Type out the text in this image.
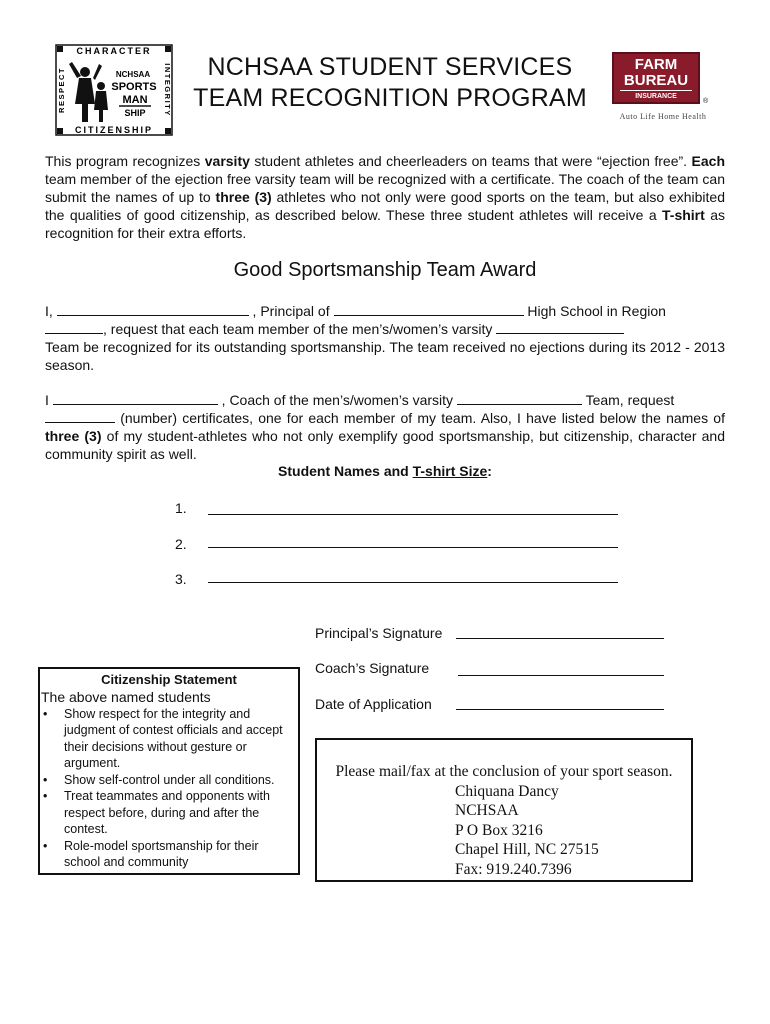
CHARACTER
CITIZENSHIP
RESPECT	INTEGRITY
NCHSAA
SPORTS
MAN
SHIP
NCHSAA STUDENT SERVICES
TEAM RECOGNITION PROGRAM
FARM
BUREAU
INSURANCE
®
Auto Life Home Health
This program recognizes varsity student athletes and cheerleaders on teams that were “ejection free”. Each team member of the ejection free varsity team will be recognized with a certificate. The coach of the team can submit the names of up to three (3) athletes who not only were good sports on the team, but also exhibited the qualities of good citizenship, as described below. These three student athletes will receive a T-shirt as recognition for their extra efforts.
Good Sportsmanship Team Award
I,	, Principal of	High School in Region
, request that each team member of the men’s/women’s varsity
Team be recognized for its outstanding sportsmanship. The team received no ejections during its 2012 - 2013 season.
I	, Coach of the men’s/women’s varsity	Team, request
(number) certificates, one for each member of my team. Also, I have listed below the names of three (3) of my student-athletes who not only exemplify good sportsmanship, but citizenship, character and community spirit as well.
Student Names and T-shirt Size:
1.
2.
3.
Principal’s Signature
Coach’s Signature
Date of Application
Citizenship Statement
The above named students
• Show respect for the integrity and judgment of contest officials and accept their decisions without gesture or argument.
• Show self-control under all conditions.
• Treat teammates and opponents with respect before, during and after the contest.
• Role-model sportsmanship for their school and community
Please mail/fax at the conclusion of your sport season.
Chiquana Dancy
NCHSAA
P O Box 3216
Chapel Hill, NC 27515
Fax: 919.240.7396
